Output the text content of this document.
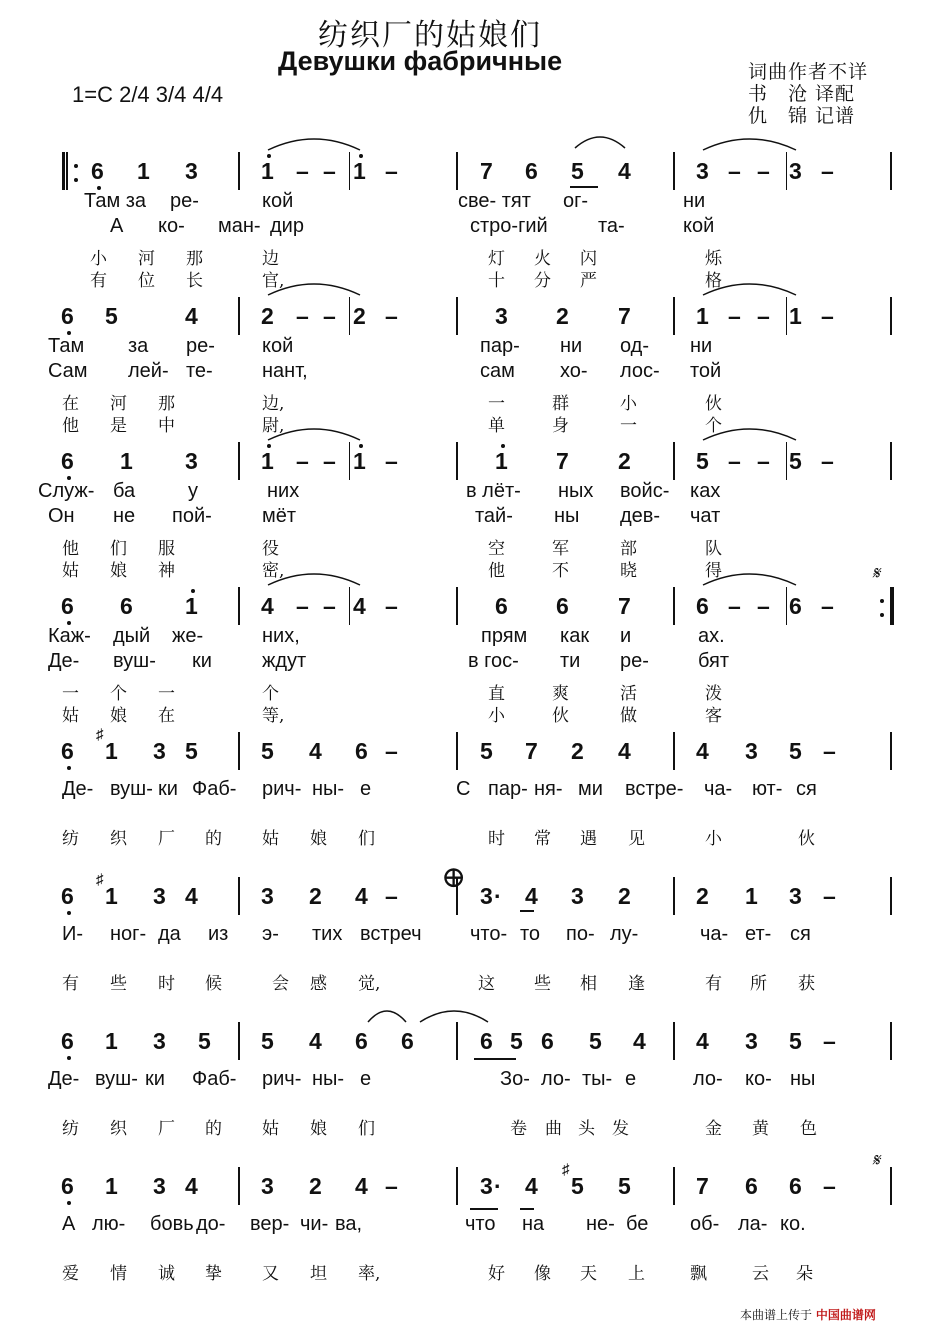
纺织厂的姑娘们
Девушки фабричные
1=C 2/4 3/4 4/4
词曲作者不详
书　沧 译配
仇　锦 记谱
6 1 3	1 – – 1 –	7 6 5 4	3 – – 3 –
Там за ре-	кой	све- тят ог-	ни
А ко- ман- дир	стро-гий	та-	кой
小 河 那	边	灯 火 闪	烁
有 位 长	官,	十 分 严	格
6 5	4	2 – – 2 –	3 2 7	1 – – 1 –
Там за ре- кой	пар- ни од- ни
Сам лей- те- нант,	сам хо- лос- той
在 河 那	边,	一	群	小	伙
他 是 中	尉,	单	身	一	个
6 1 3	1 – – 1 –	1 7 2	5 – – 5 –
Служ- ба	у	них	в лёт- ных войс- ках
Он не пой-	мёт	тай- ны дев- чат
他 们 服	役	空	军	部	队
姑 娘 神	密,	他	不	晓	得
6 6 1	4 – – 4 –	6 6 7	6 – – 6 –
Каж- дый же-	них,	прям как и	ах.
Де- вуш- ки	ждут	в гос- ти ре- бят
一 个 一	个	直	爽	活	泼
姑 娘 在	等,	小	伙	做	客
6 1
♯
3 5	5 4 6 –	5 7 2 4	4 3 5 –
Де- вуш- ки Фаб- рич- ны- е	С пар- ня- ми встре- ча- ют- ся
纺 织 厂 的 姑 娘 们	时 常 遇 见	小	伙
6 1
♯
3 4	3 2 4 –	3 · 4 3 2	2 1 3 –
И- ног- да из э- тих встреч что- то по- лу-	ча- ет- ся
有 些 时 候	会 感 觉,	这 些 相 逢	有 所 获
6 1 3 5 5 4 6 6	6 5 6 5 4 4 3 5 –
Де- вуш- ки Фаб- рич- ны- е	Зо- ло- ты- е	ло- ко- ны
纺 织 厂 的 姑 娘 们	卷 曲 头 发	金 黄 色
6 1 3 4	3 2 4 –	3 · 4 5
♯
5	7 6 6 –
А лю- бовь до- вер- чи- ва,	что на не- бе об- ла- ко.
爱 情 诚 挚 又 坦 率,	好 像 天 上	飘	云 朵
𝄋
𝄋
⊕
本曲谱上传于 中国曲谱网
